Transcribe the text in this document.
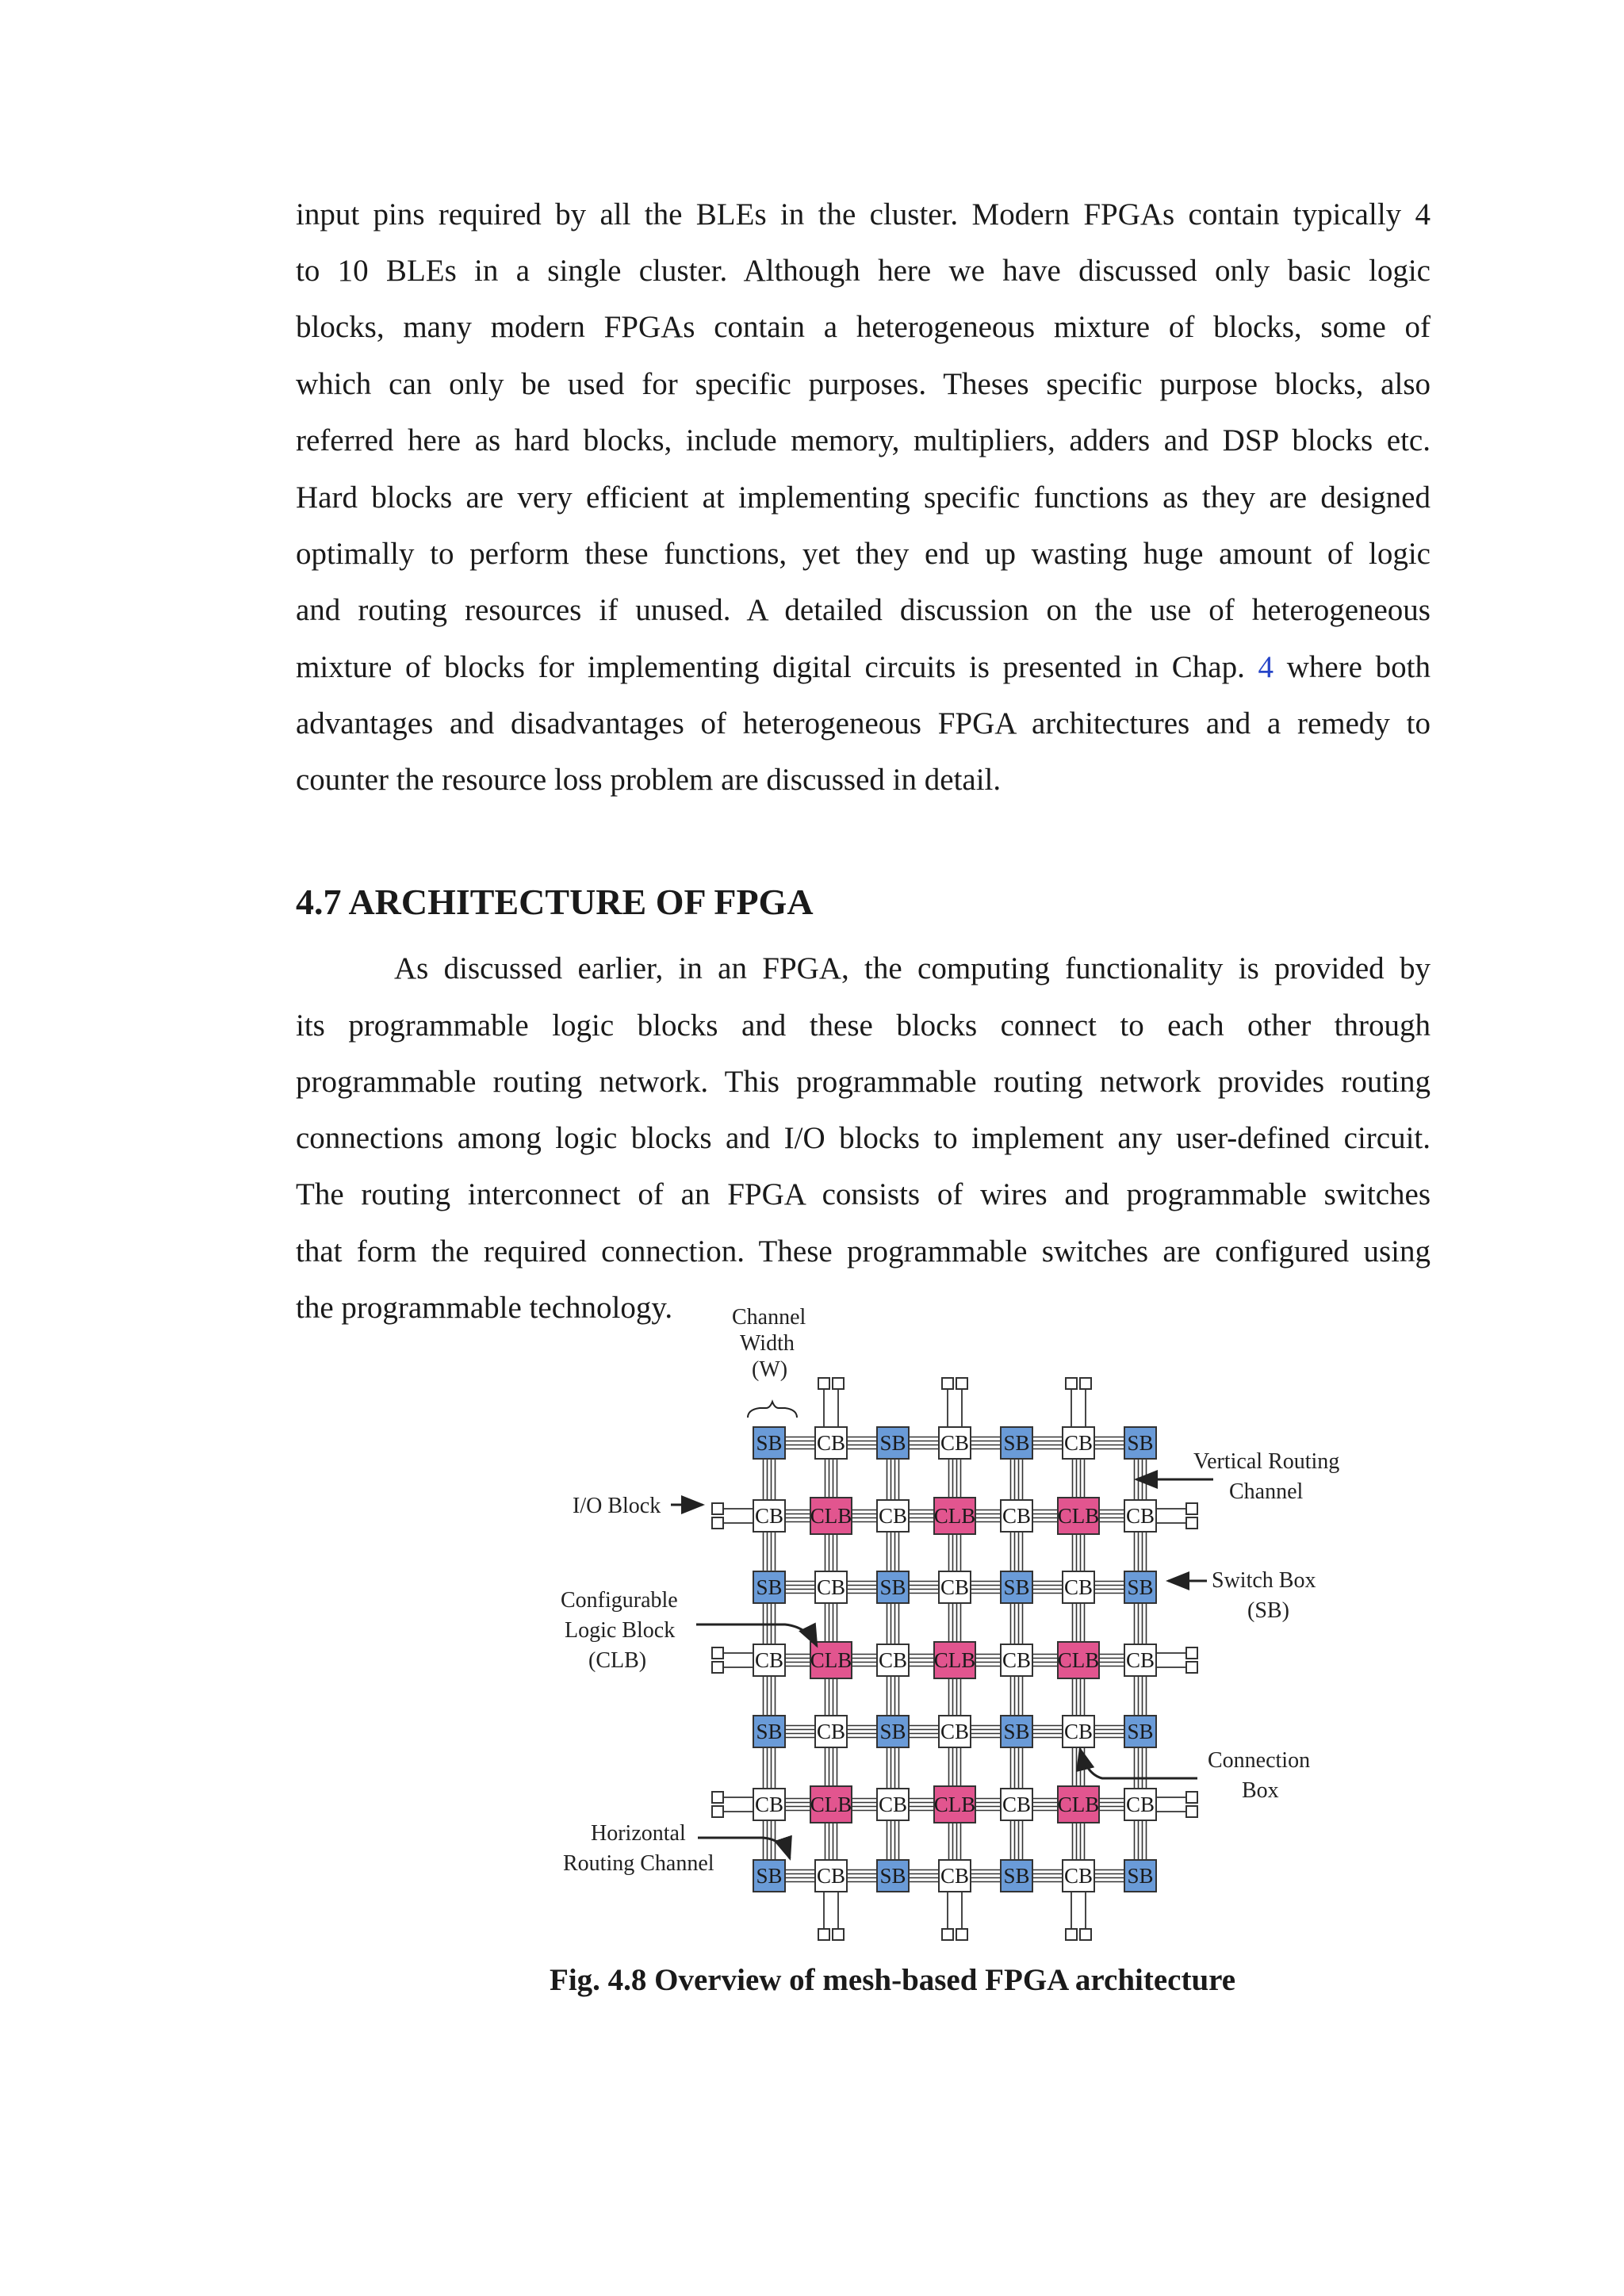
input pins required by all the BLEs in the cluster. Modern FPGAs contain typically 4
to 10 BLEs in a single cluster. Although here we have discussed only basic logic
blocks, many modern FPGAs contain a heterogeneous mixture of blocks, some of
which can only be used for specific purposes. Theses specific purpose blocks, also
referred here as hard blocks, include memory, multipliers, adders and DSP blocks etc.
Hard blocks are very efficient at implementing specific functions as they are designed
optimally to perform these functions, yet they end up wasting huge amount of logic
and routing resources if unused. A detailed discussion on the use of heterogeneous
mixture of blocks for implementing digital circuits is presented in Chap. 4 where both
advantages and disadvantages of heterogeneous FPGA architectures and a remedy to
counter the resource loss problem are discussed in detail.
4.7 ARCHITECTURE OF FPGA
As discussed earlier, in an FPGA, the computing functionality is provided by
its programmable logic blocks and these blocks connect to each other through
programmable routing network. This programmable routing network provides routing
connections among logic blocks and I/O blocks to implement any user-defined circuit.
The routing interconnect of an FPGA consists of wires and programmable switches
that form the required connection. These programmable switches are configured using
the programmable technology.
SB CB SB CB SB CB SB
CB CLB CB CLB CB CLB CB
SB CB SB CB SB CB SB
CB CLB CB CLB CB CLB CB
SB CB SB CB SB CB SB
CB CLB CB CLB CB CLB CB
SB CB SB CB SB CB SB
Channel
Width
(W)
Vertical Routing
Channel
I/O Block
Switch Box
(SB)
Configurable
Logic Block
(CLB)
Connection
Box
Horizontal
Routing Channel
Fig. 4.8 Overview of mesh-based FPGA architecture
